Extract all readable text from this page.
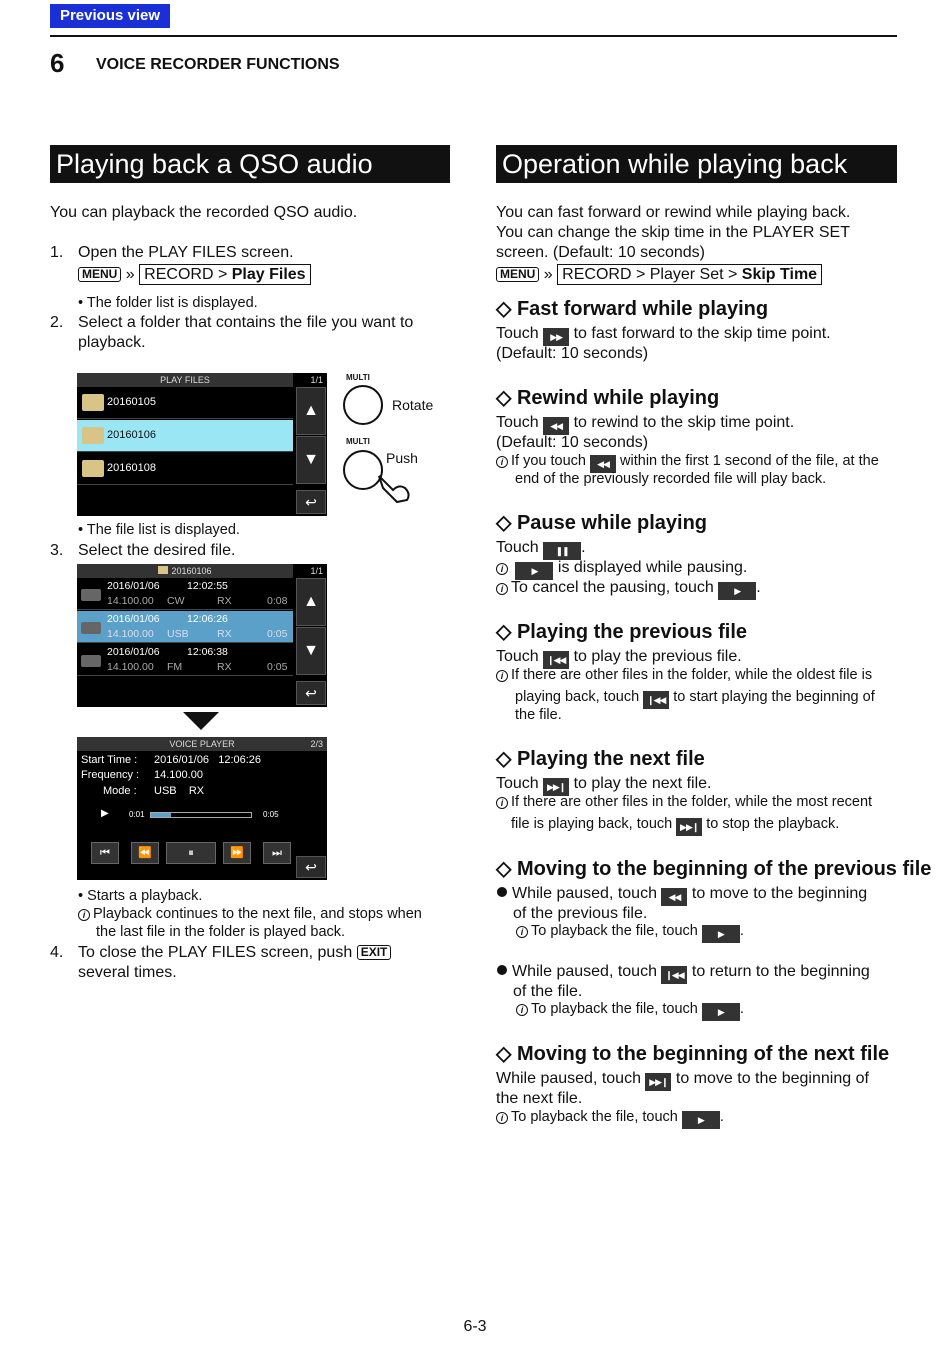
Previous view
6 VOICE RECORDER FUNCTIONS
Playing back a QSO audio
You can playback the recorded QSO audio.
1. Open the PLAY FILES screen.
MENU » RECORD > Play Files
• The folder list is displayed.
2. Select a folder that contains the file you want to
playback.
PLAY FILES	1/1
20160105
20160106
20160108
▲
▼
↩
MULTI
Rotate
MULTI
Push
• The file list is displayed.
3. Select the desired file.
20160106	1/1
2016/01/06	12:02:55
14.100.00 CW	RX	0:08
2016/01/06	12:06:26
14.100.00 USB	RX	0:05
2016/01/06	12:06:38
14.100.00 FM	RX	0:05
▲
▼
↩
VOICE PLAYER	2/3
Start Time : 2016/01/06   12:06:26
Frequency : 14.100.00
Mode : USB    RX
▶	0:01	0:05
⏮	⏪	⏸	⏩	⏭
↩
• Starts a playback.
i Playback continues to the next file, and stops when
the last file in the folder is played back.
4. To close the PLAY FILES screen, push EXIT
several times.
Operation while playing back
You can fast forward or rewind while playing back.
You can change the skip time in the PLAYER SET
screen. (Default: 10 seconds)
MENU » RECORD > Player Set > Skip Time
◇ Fast forward while playing
Touch ▶▶ to fast forward to the skip time point.
(Default: 10 seconds)
◇ Rewind while playing
Touch ◀◀ to rewind to the skip time point.
(Default: 10 seconds)
i If you touch ◀◀ within the first 1 second of the file, at the
end of the previously recorded file will play back.
◇ Pause while playing
Touch ❚❚ .
i	▶ is displayed while pausing.
i To cancel the pausing, touch ▶ .
◇ Playing the previous file
Touch ❙◀◀ to play the previous file.
i If there are other files in the folder, while the oldest file is
playing back, touch ❙◀◀ to start playing the beginning of
the file.
◇ Playing the next file
Touch ▶▶❙ to play the next file.
i If there are other files in the folder, while the most recent
file is playing back, touch ▶▶❙ to stop the playback.
◇ Moving to the beginning of the previous file
While paused, touch ◀◀ to move to the beginning
of the previous file.
i To playback the file, touch ▶ .
While paused, touch ❙◀◀ to return to the beginning
of the file.
i To playback the file, touch ▶ .
◇ Moving to the beginning of the next file
While paused, touch ▶▶❙ to move to the beginning of
the next file.
i To playback the file, touch ▶ .
6-3
